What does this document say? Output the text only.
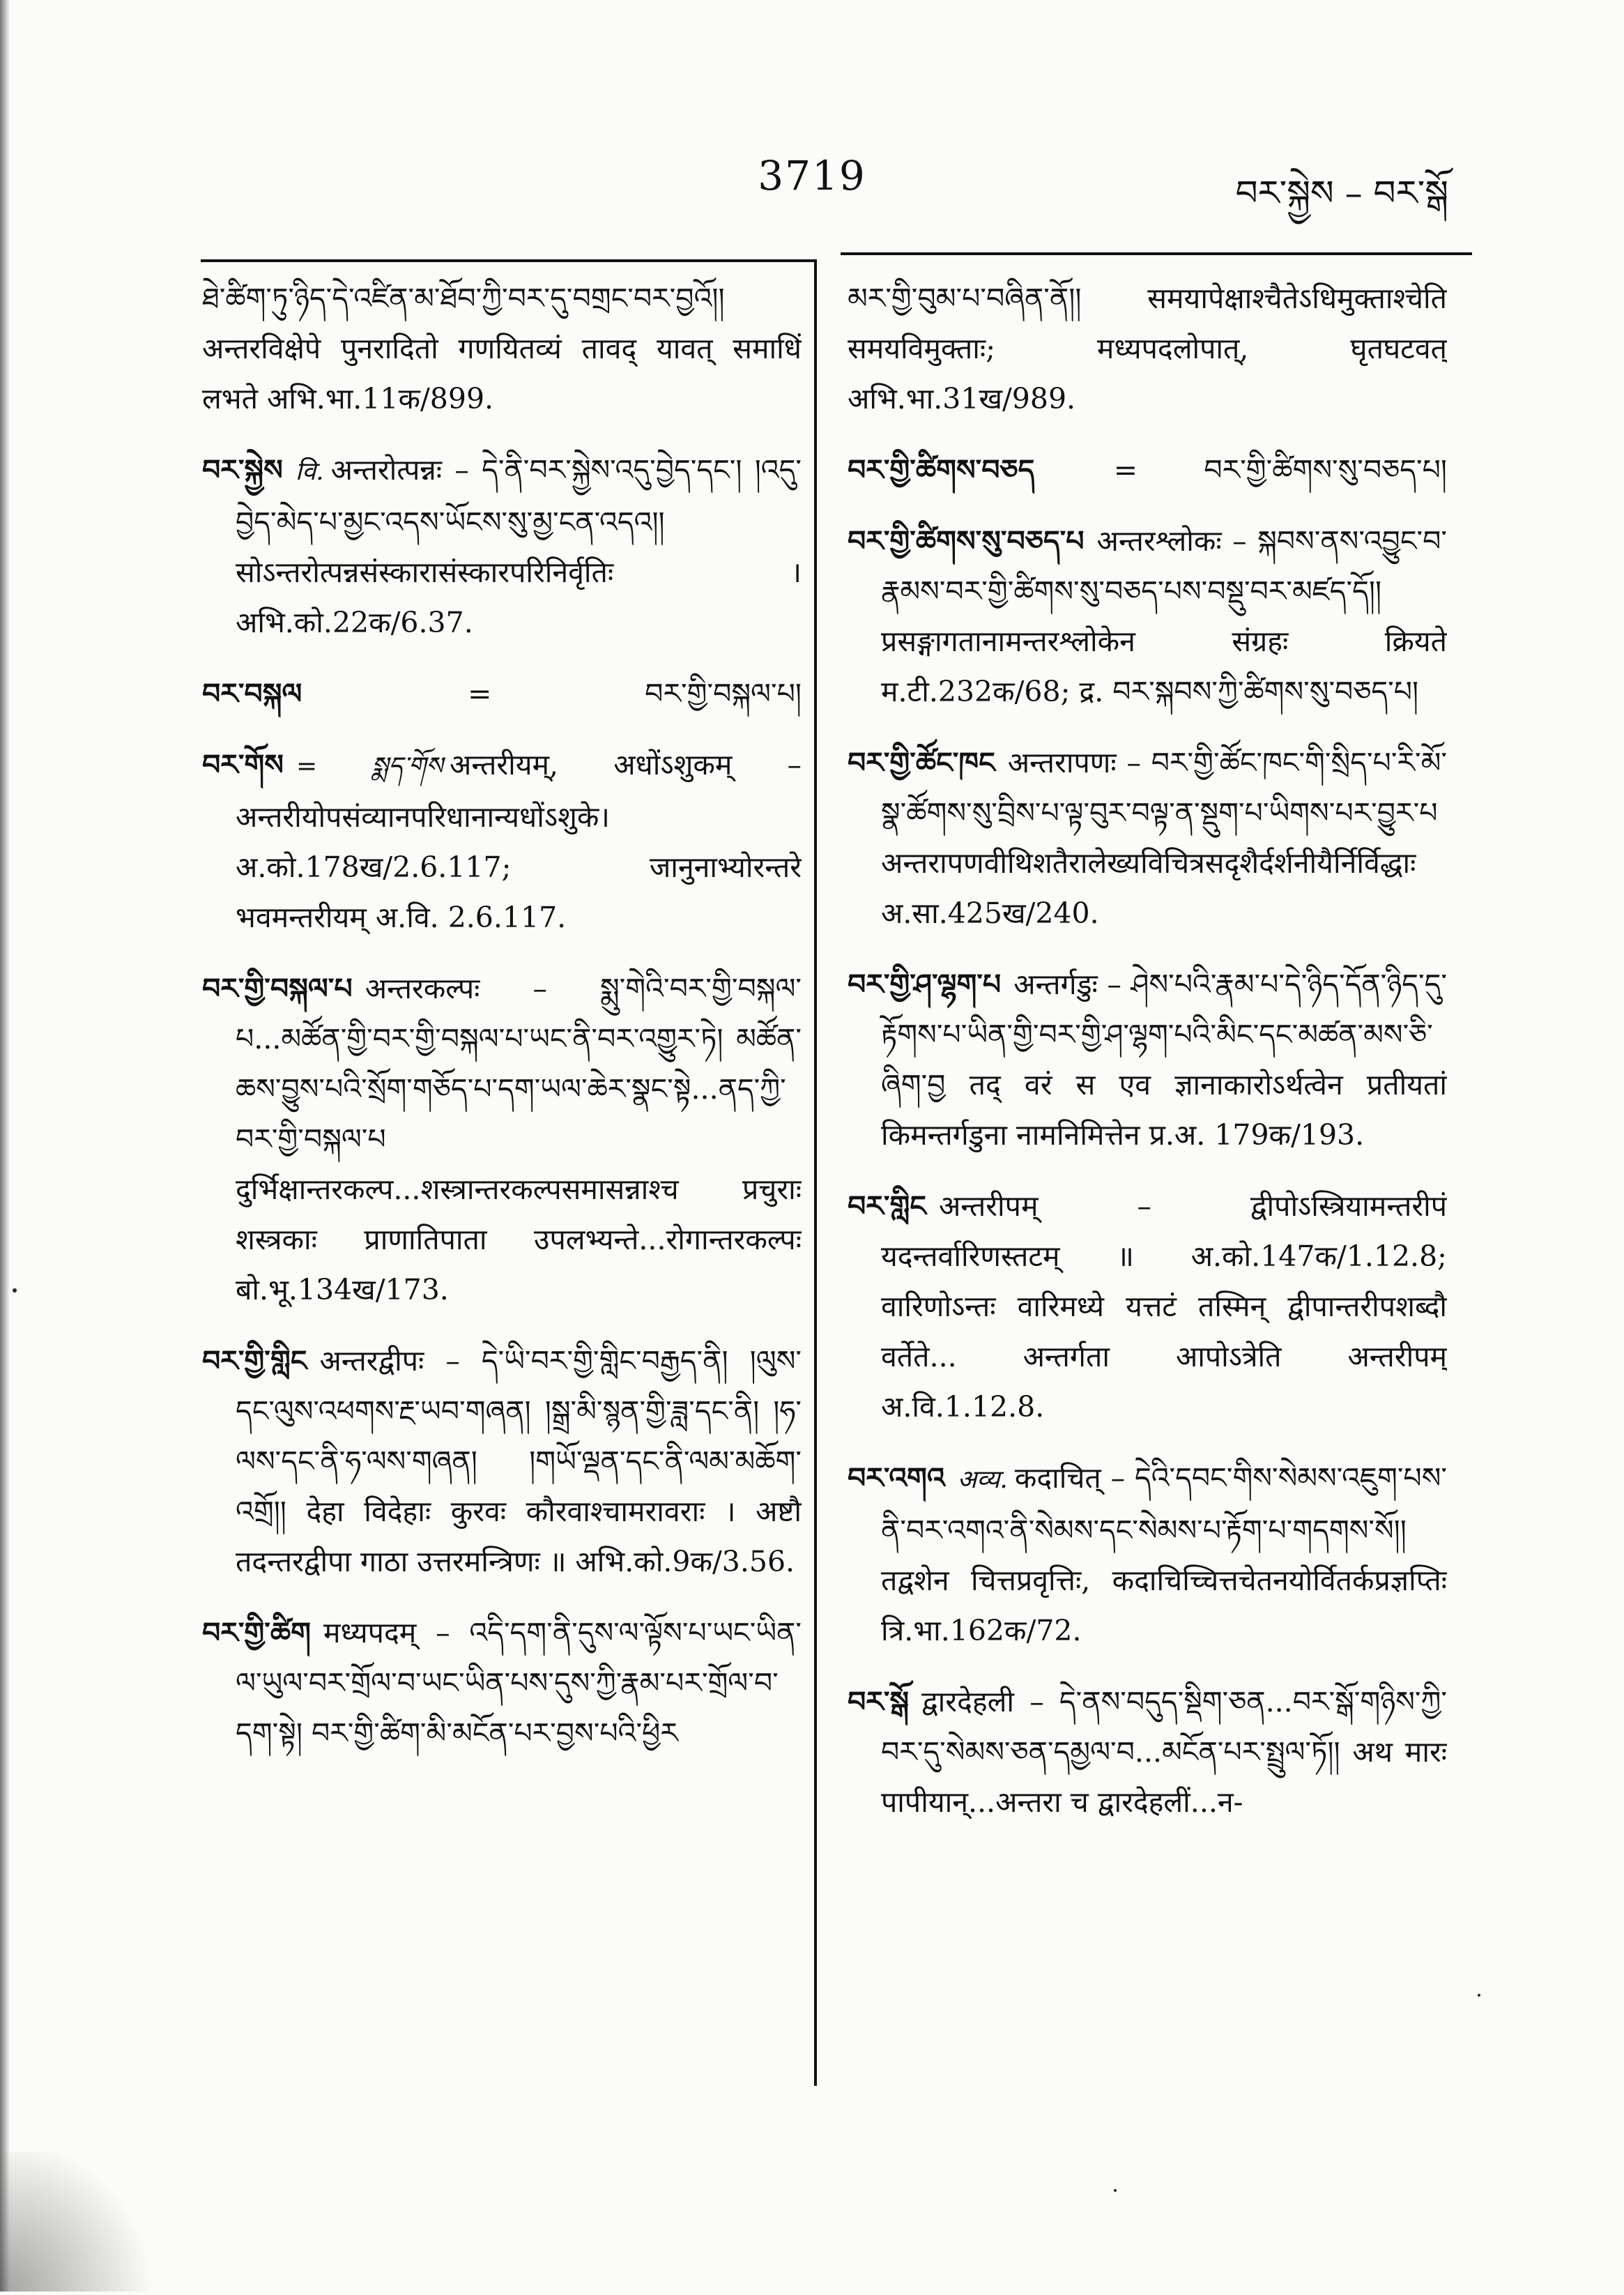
3719	བར་སྐྱེས – བར་སྒོ
ཐེ་ཚིག་ཏུ་ཉིད་དེ་འཛིན་མ་ཐོབ་ཀྱི་བར་དུ་བགྲང་བར་བྱའོ།། अन्तरविक्षेपे पुनरादितो गणयितव्यं तावद् यावत् समाधिं लभते अभि.भा.11क/899.
བར་སྐྱེས वि. अन्तरोत्पन्नः – དེ་ནི་བར་སྐྱེས་འདུ་བྱེད་དང་། །འདུ་བྱེད་མེད་པ་མྱང་འདས་ཡོངས་སུ་མྱ་ངན་འདའ།། सोऽन्तरोत्पन्नसंस्कारासंस्कारपरिनिर्वृतिः । अभि.को.22क/6.37.
བར་བསྐལ	=	བར་གྱི་བསྐལ་པ།
བར་གོས = སྨད་གོས अन्तरीयम्, अधोंऽशुकम् – अन्तरीयोपसंव्यानपरिधानान्यधोंऽशुके। अ.को.178ख/2.6.117; जानुनाभ्योरन्तरे भवमन्तरीयम् अ.वि. 2.6.117.
བར་གྱི་བསྐལ་པ अन्तरकल्पः – སྨུ་གེའི་བར་གྱི་བསྐལ་པ...མཚོན་གྱི་བར་གྱི་བསྐལ་པ་ཡང་ནི་བར་འགྱུར་ཏེ། མཚོན་ཆས་བྱུས་པའི་སྲོག་གཅོད་པ་དག་ཡལ་ཆེར་སྣང་སྟེ...ནད་ཀྱི་བར་གྱི་བསྐལ་པ दुर्भिक्षान्तरकल्प...शस्त्रान्तरकल्पसमासन्नाश्च प्रचुराः शस्त्रकाः प्राणातिपाता उपलभ्यन्ते...रोगान्तरकल्पः बो.भू.134ख/173.
བར་གྱི་གླིང अन्तरद्वीपः – དེ་ཡི་བར་གྱི་གླིང་བརྒྱད་ནི། །ལུས་དང་ལུས་འཕགས་རྔ་ཡབ་གཞན། །སྒྲ་མི་སྙན་གྱི་ཟླ་དང་ནི། །ཧ་ལས་དང་ནི་ཧ་ལས་གཞན། །གཡོ་ལྡན་དང་ནི་ལམ་མཆོག་འགྲོ།། देहा विदेहाः कुरवः कौरवाश्चामरावराः । अष्टौ तदन्तरद्वीपा गाठा उत्तरमन्त्रिणः ॥ अभि.को.9क/3.56.
བར་གྱི་ཚིག मध्यपदम् – འདི་དག་ནི་དུས་ལ་ལྟོས་པ་ཡང་ཡིན་ལ་ཡུལ་བར་གྲོལ་བ་ཡང་ཡིན་པས་དུས་ཀྱི་རྣམ་པར་གྲོལ་བ་དག་སྟེ། བར་གྱི་ཚིག་མི་མངོན་པར་བྱས་པའི་ཕྱིར
མར་གྱི་བུམ་པ་བཞིན་ནོ།། समयापेक्षाश्चैतेऽधिमुक्ताश्चेति समयविमुक्ताः; मध्यपदलोपात्, घृतघटवत् अभि.भा.31ख/989.
བར་གྱི་ཚིགས་བཅད	= བར་གྱི་ཚིགས་སུ་བཅད་པ།
བར་གྱི་ཚིགས་སུ་བཅད་པ अन्तरश्लोकः – སྐབས་ནས་འབྱུང་བ་རྣམས་བར་གྱི་ཚིགས་སུ་བཅད་པས་བསྡུ་བར་མཛད་དོ།། प्रसङ्गागतानामन्तरश्लोकेन संग्रहः क्रियते म.टी.232क/68; द्र. བར་སྐབས་ཀྱི་ཚིགས་སུ་བཅད་པ།
བར་གྱི་ཚོང་ཁང अन्तरापणः – བར་གྱི་ཚོང་ཁང་གི་སྲིད་པ་རི་མོ་སྣ་ཚོགས་སུ་བྲིས་པ་ལྟ་བུར་བལྟ་ན་སྡུག་པ་ཡིགས་པར་བྱུར་པ अन्तरापणवीथिशतैरालेख्यविचित्रसदृशैर्दर्शनीयैर्निर्विद्धाः अ.सा.425ख/240.
བར་གྱི་ཤ་ལྷག་པ अन्तर्गडुः – ཤེས་པའི་རྣམ་པ་དེ་ཉིད་དོན་ཉིད་དུ་རྟོགས་པ་ཡིན་གྱི་བར་གྱི་ཤ་ལྷག་པའི་མིང་དང་མཚན་མས་ཅི་ཞིག་བྱ तद् वरं स एव ज्ञानाकारोऽर्थत्वेन प्रतीयतां किमन्तर्गडुना नामनिमित्तेन प्र.अ. 179क/193.
བར་གླིང अन्तरीपम् – द्वीपोऽस्त्रियामन्तरीपं यदन्तर्वारिणस्तटम् ॥ अ.को.147क/1.12.8; वारिणोऽन्तः वारिमध्ये यत्तटं तस्मिन् द्वीपान्तरीपशब्दौ वर्तेते... अन्तर्गता आपोऽत्रेति अन्तरीपम् अ.वि.1.12.8.
བར་འགའ अव्य. कदाचित् – དེའི་དབང་གིས་སེམས་འཇུག་པས་ནི་བར་འགའ་ནི་སེམས་དང་སེམས་པ་རྟོག་པ་གདགས་སོ།། तद्वशेन चित्तप्रवृत्तिः, कदाचिच्चित्तचेतनयोर्वितर्कप्रज्ञप्तिः त्रि.भा.162क/72.
བར་སྒོ द्वारदेहली – དེ་ནས་བདུད་སྡིག་ཅན...བར་སྒོ་གཉིས་ཀྱི་བར་དུ་སེམས་ཅན་དམྱལ་བ...མངོན་པར་སྤྲུལ་ཏོ།། अथ मारः पापीयान्...अन्तरा च द्वारदेहलीं...न-
